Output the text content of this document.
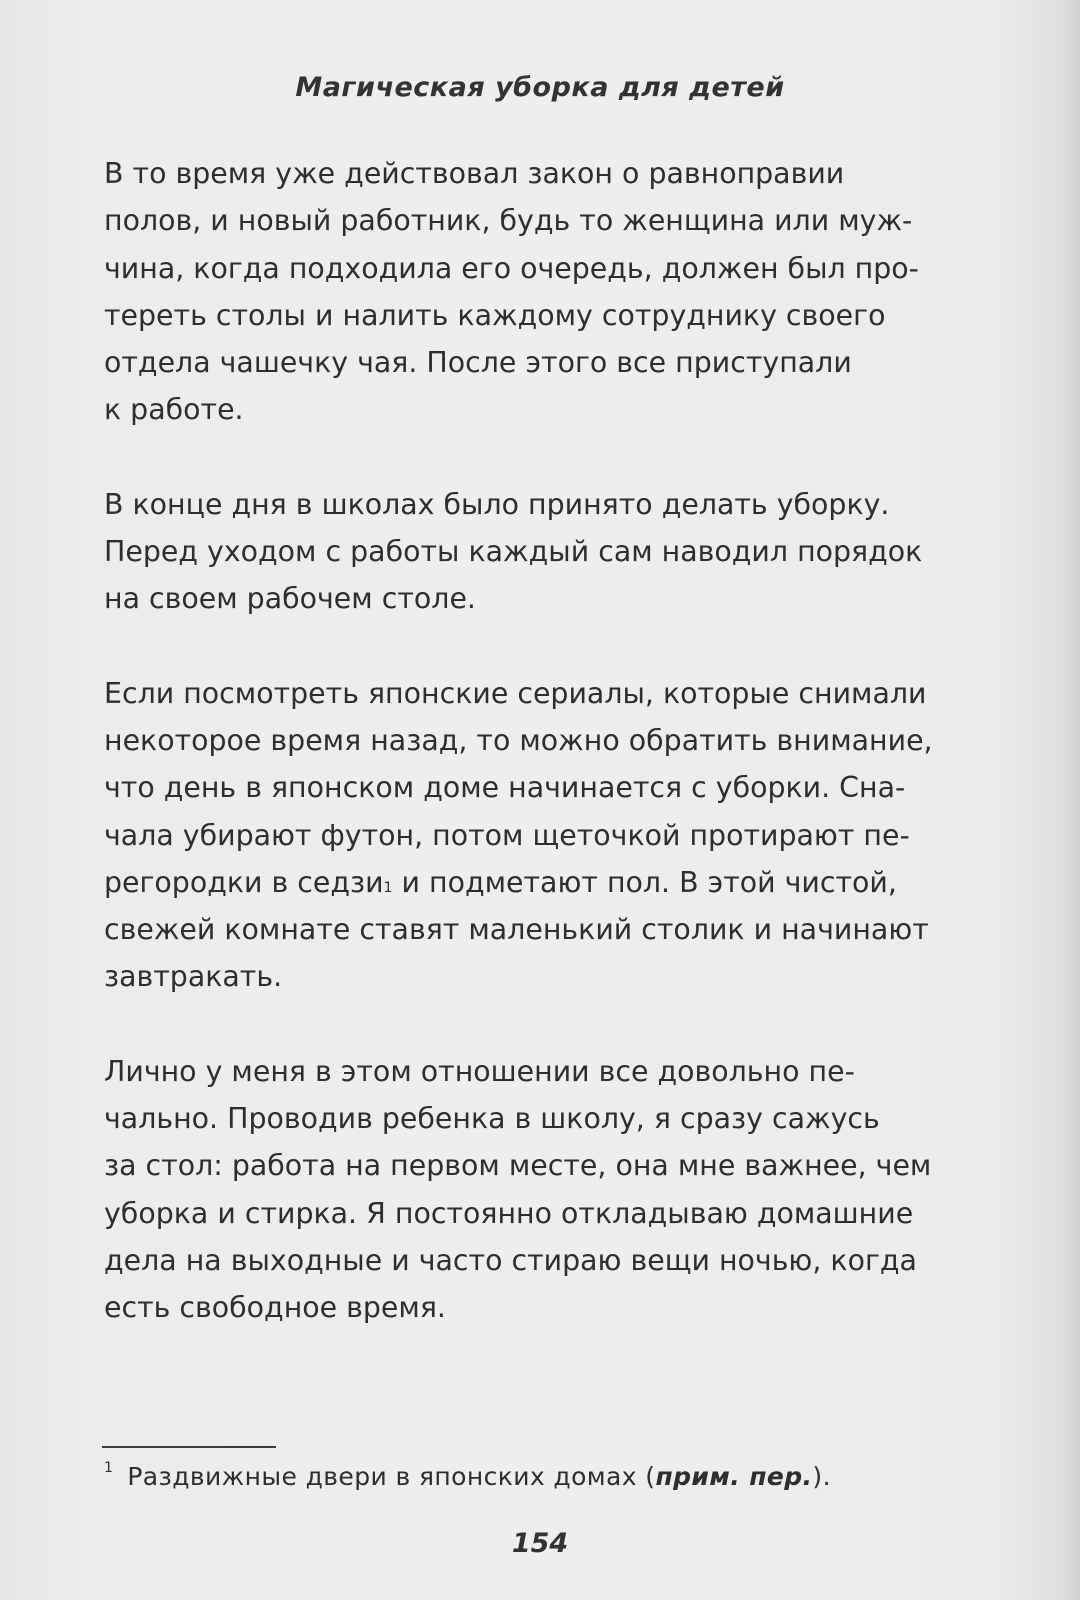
Магическая уборка для детей
В то время уже действовал закон о равноправии
полов, и новый работник, будь то женщина или муж-
чина, когда подходила его очередь, должен был про-
тереть столы и налить каждому сотруднику своего
отдела чашечку чая. После этого все приступали
к работе.
В конце дня в школах было принято делать уборку.
Перед уходом с работы каждый сам наводил порядок
на своем рабочем столе.
Если посмотреть японские сериалы, которые снимали
некоторое время назад, то можно обратить внимание,
что день в японском доме начинается с уборки. Сна-
чала убирают футон, потом щеточкой протирают пе-
регородки в седзи$^1$ и подметают пол. В этой чистой,
свежей комнате ставят маленький столик и начинают
завтракать.
Лично у меня в этом отношении все довольно пе-
чально. Проводив ребенка в школу, я сразу сажусь
за стол: работа на первом месте, она мне важнее, чем
уборка и стирка. Я постоянно откладываю домашние
дела на выходные и часто стираю вещи ночью, когда
есть свободное время.
$^1$ Раздвижные двери в японских домах (прим. пер.).
154
